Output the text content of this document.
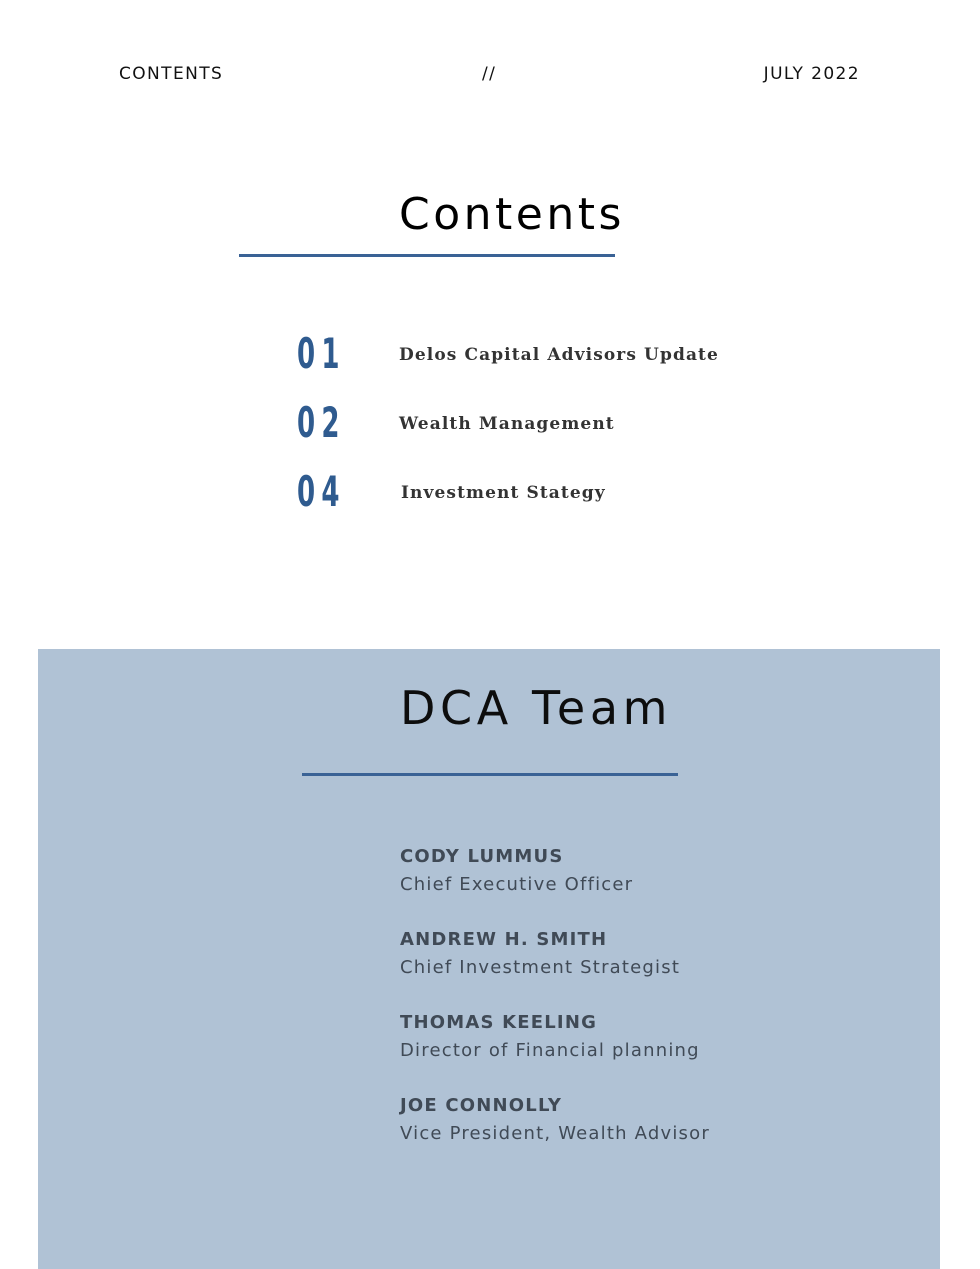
CONTENTS	//	JULY 2022
Contents
01	Delos Capital Advisors Update
02	Wealth Management
04	Investment Stategy
DCA Team
CODY LUMMUS
Chief Executive Officer
ANDREW H. SMITH
Chief Investment Strategist
THOMAS KEELING
Director of Financial planning
JOE CONNOLLY
Vice President, Wealth Advisor
